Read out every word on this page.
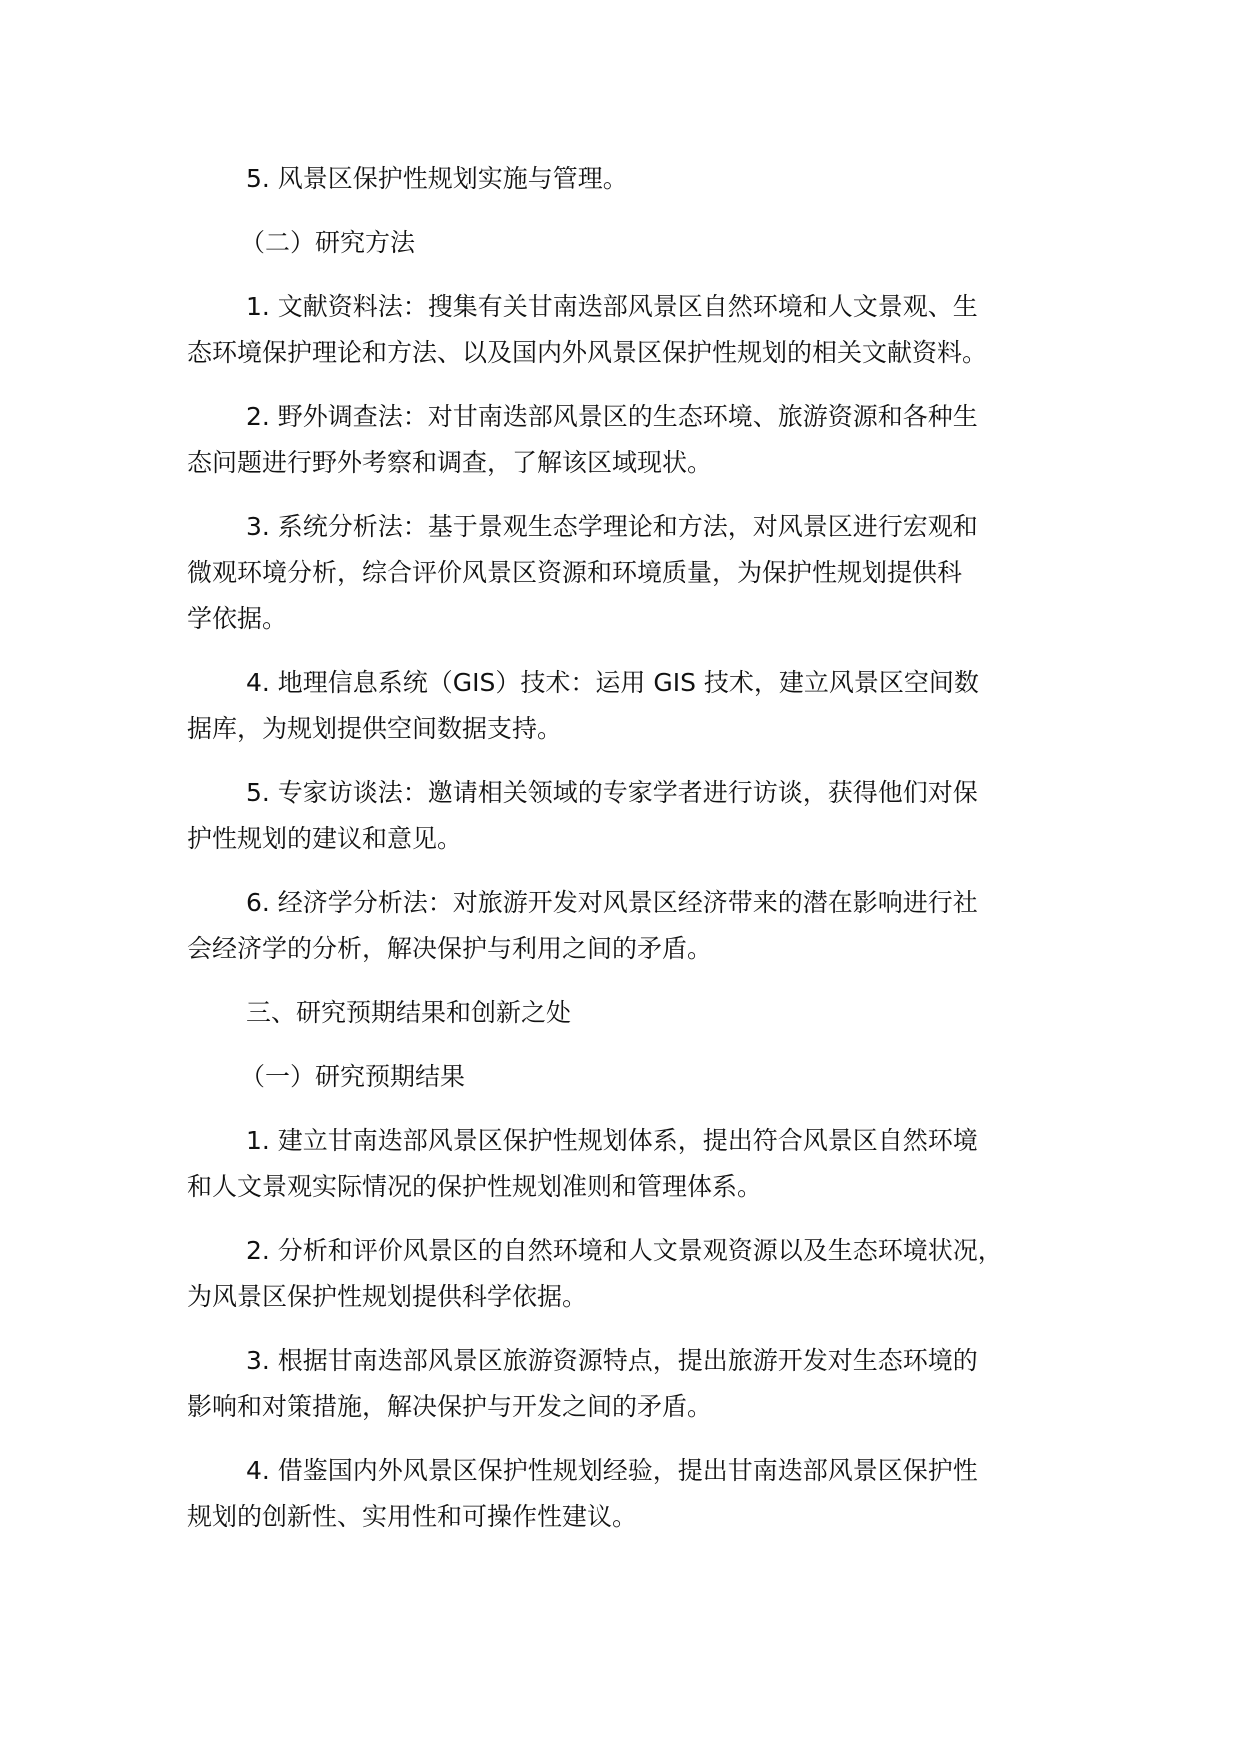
5. 风景区保护性规划实施与管理。
（二）研究方法
1. 文献资料法：搜集有关甘南迭部风景区自然环境和人文景观、生
态环境保护理论和方法、以及国内外风景区保护性规划的相关文献资料。
2. 野外调查法：对甘南迭部风景区的生态环境、旅游资源和各种生
态问题进行野外考察和调查，了解该区域现状。
3. 系统分析法：基于景观生态学理论和方法，对风景区进行宏观和
微观环境分析，综合评价风景区资源和环境质量，为保护性规划提供科
学依据。
4. 地理信息系统（GIS）技术：运用 GIS 技术，建立风景区空间数
据库，为规划提供空间数据支持。
5. 专家访谈法：邀请相关领域的专家学者进行访谈，获得他们对保
护性规划的建议和意见。
6. 经济学分析法：对旅游开发对风景区经济带来的潜在影响进行社
会经济学的分析，解决保护与利用之间的矛盾。
三、研究预期结果和创新之处
（一）研究预期结果
1. 建立甘南迭部风景区保护性规划体系，提出符合风景区自然环境
和人文景观实际情况的保护性规划准则和管理体系。
2. 分析和评价风景区的自然环境和人文景观资源以及生态环境状况，
为风景区保护性规划提供科学依据。
3. 根据甘南迭部风景区旅游资源特点，提出旅游开发对生态环境的
影响和对策措施，解决保护与开发之间的矛盾。
4. 借鉴国内外风景区保护性规划经验，提出甘南迭部风景区保护性
规划的创新性、实用性和可操作性建议。
